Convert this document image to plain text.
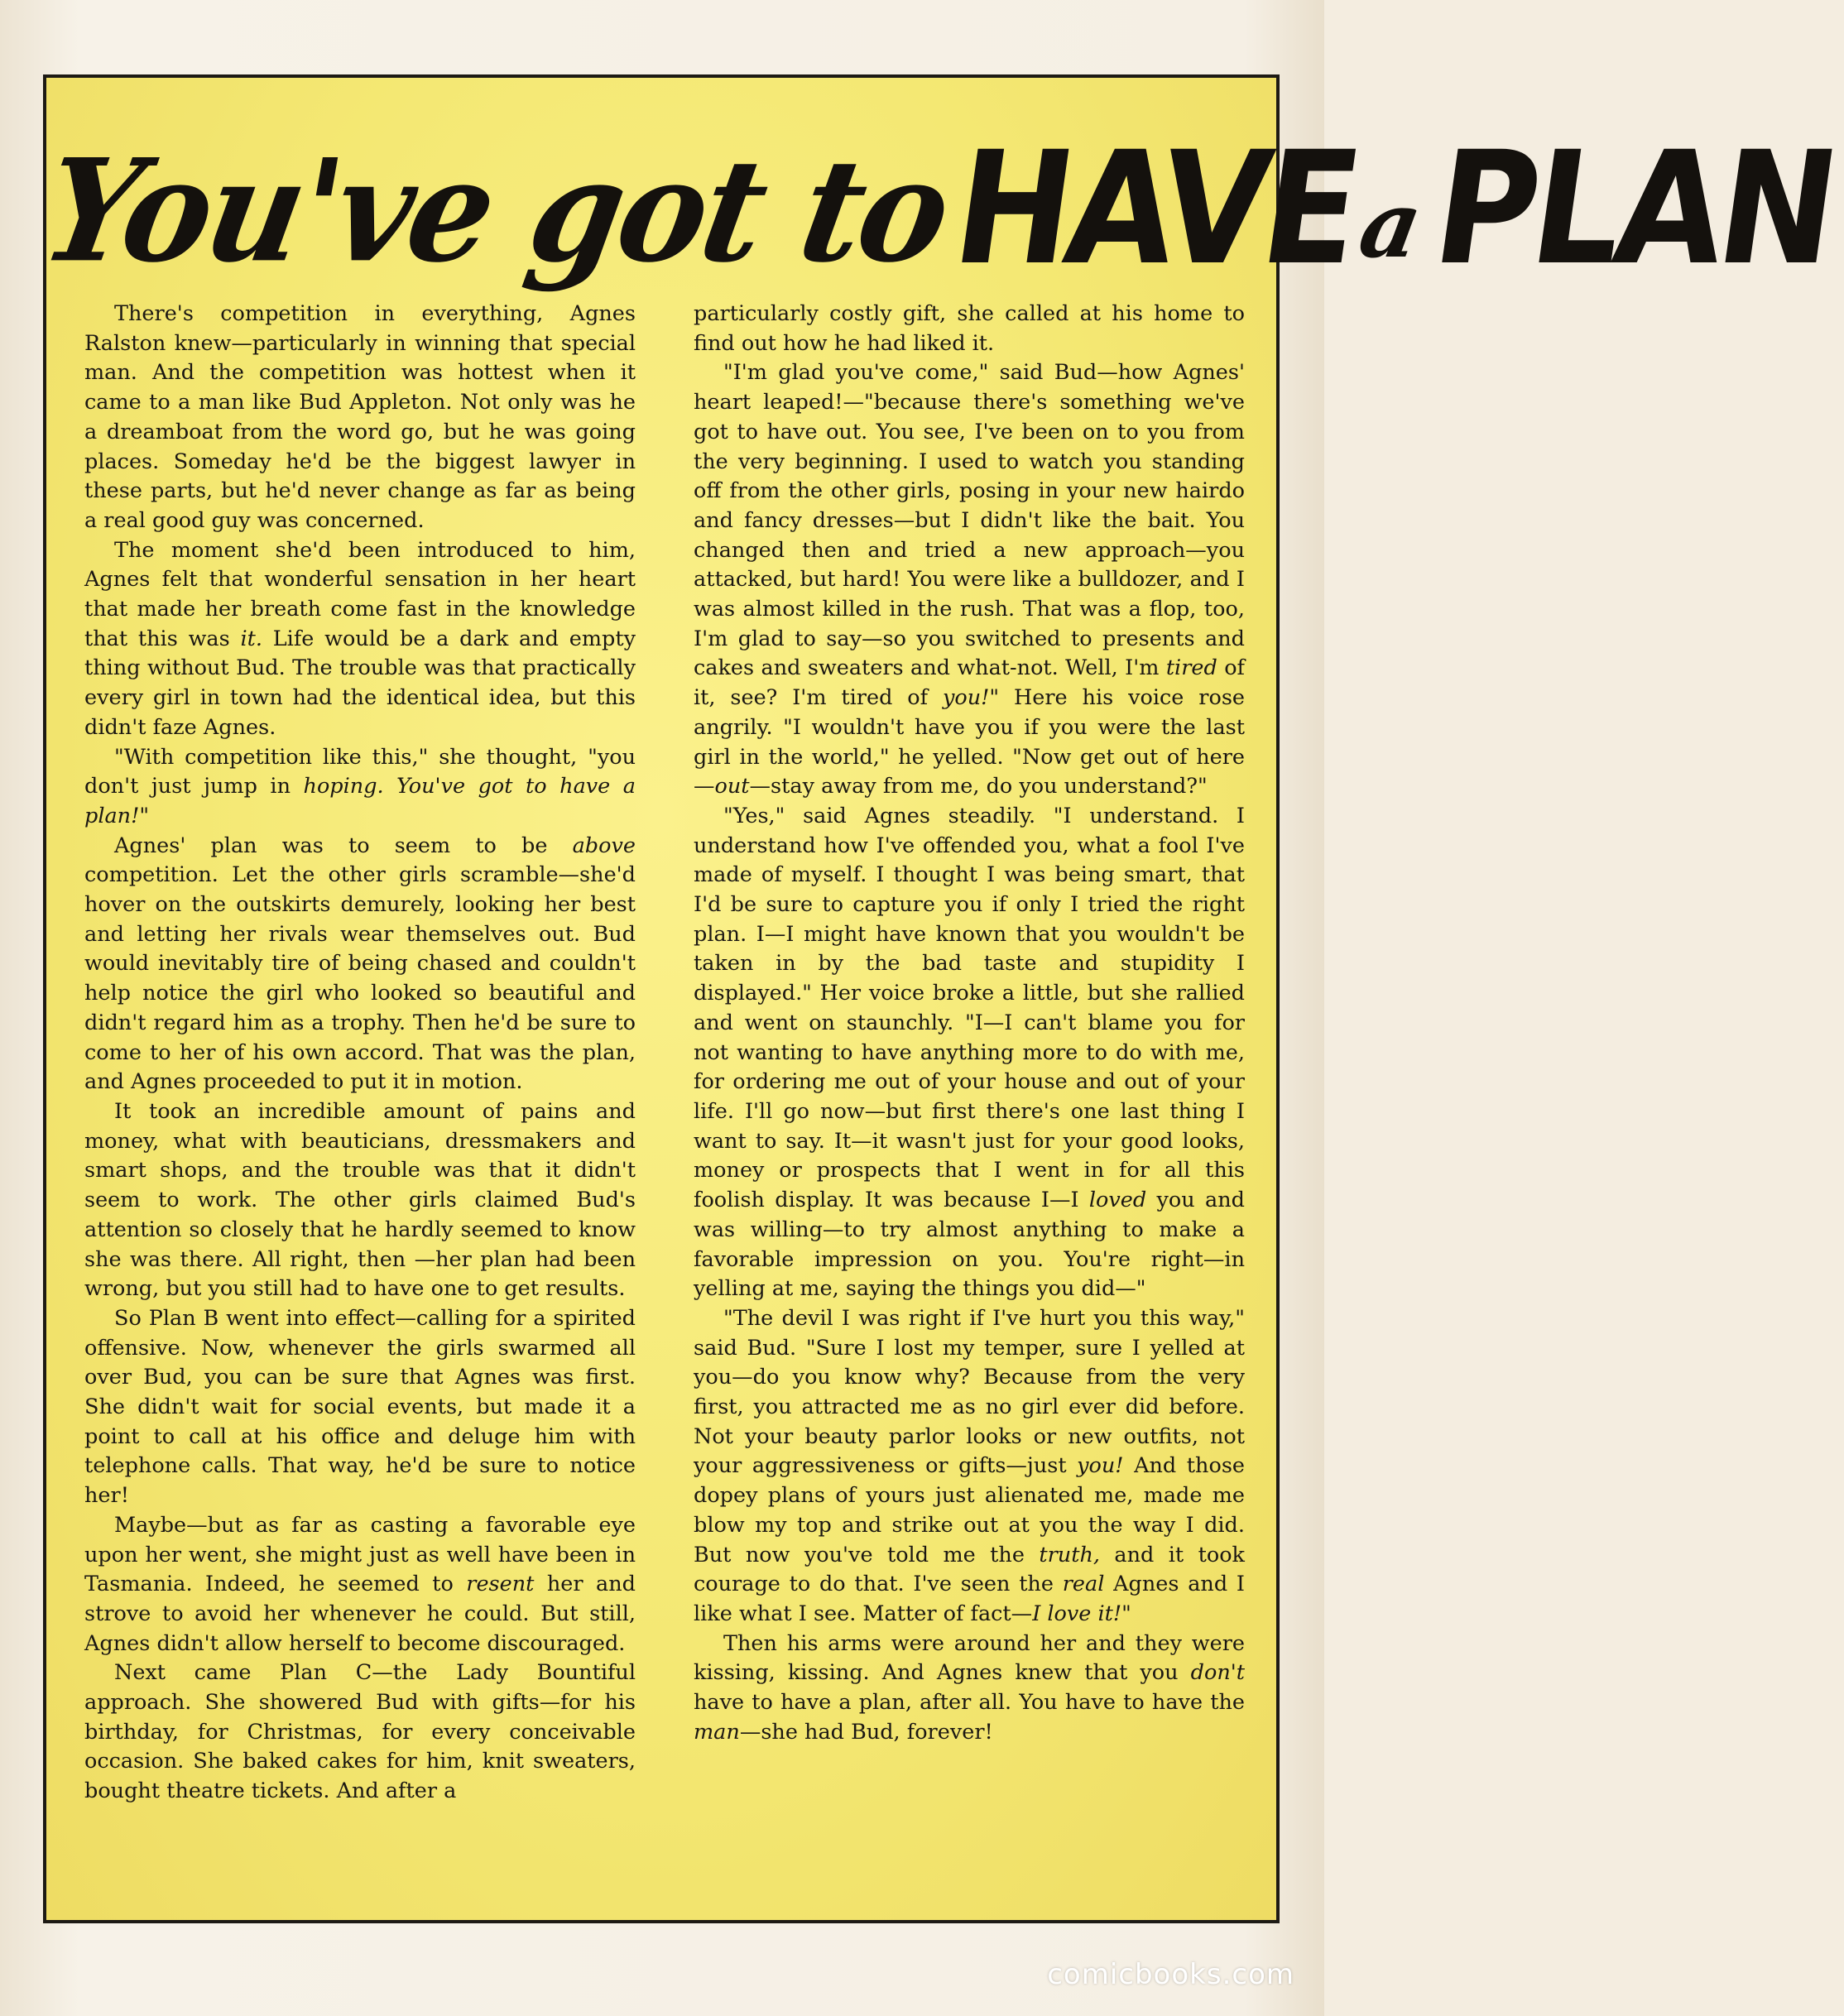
You've got to HAVE a PLAN

There's competition in everything, Agnes Ralston knew—particularly in winning that special man. And the competition was hottest when it came to a man like Bud Appleton. Not only was he a dreamboat from the word go, but he was going places. Someday he'd be the biggest lawyer in these parts, but he'd never change as far as being a real good guy was concerned.

The moment she'd been introduced to him, Agnes felt that wonderful sensation in her heart that made her breath come fast in the knowledge that this was it. Life would be a dark and empty thing without Bud. The trouble was that practically every girl in town had the identical idea, but this didn't faze Agnes.

"With competition like this," she thought, "you don't just jump in hoping. You've got to have a plan!"

Agnes' plan was to seem to be above competition. Let the other girls scramble—she'd hover on the outskirts demurely, looking her best and letting her rivals wear themselves out. Bud would inevitably tire of being chased and couldn't help notice the girl who looked so beautiful and didn't regard him as a trophy. Then he'd be sure to come to her of his own accord. That was the plan, and Agnes proceeded to put it in motion.

It took an incredible amount of pains and money, what with beauticians, dressmakers and smart shops, and the trouble was that it didn't seem to work. The other girls claimed Bud's attention so closely that he hardly seemed to know she was there. All right, then —her plan had been wrong, but you still had to have one to get results.

So Plan B went into effect—calling for a spirited offensive. Now, whenever the girls swarmed all over Bud, you can be sure that Agnes was first. She didn't wait for social events, but made it a point to call at his office and deluge him with telephone calls. That way, he'd be sure to notice her!

Maybe—but as far as casting a favorable eye upon her went, she might just as well have been in Tasmania. Indeed, he seemed to resent her and strove to avoid her whenever he could. But still, Agnes didn't allow herself to become discouraged.

Next came Plan C—the Lady Bountiful approach. She showered Bud with gifts—for his birthday, for Christmas, for every conceivable occasion. She baked cakes for him, knit sweaters, bought theatre tickets. And after a

particularly costly gift, she called at his home to find out how he had liked it.

"I'm glad you've come," said Bud—how Agnes' heart leaped!—"because there's something we've got to have out. You see, I've been on to you from the very beginning. I used to watch you standing off from the other girls, posing in your new hairdo and fancy dresses—but I didn't like the bait. You changed then and tried a new approach—you attacked, but hard! You were like a bulldozer, and I was almost killed in the rush. That was a flop, too, I'm glad to say—so you switched to presents and cakes and sweaters and what-not. Well, I'm tired of it, see? I'm tired of you!" Here his voice rose angrily. "I wouldn't have you if you were the last girl in the world," he yelled. "Now get out of here—out—stay away from me, do you understand?"

"Yes," said Agnes steadily. "I understand. I understand how I've offended you, what a fool I've made of myself. I thought I was being smart, that I'd be sure to capture you if only I tried the right plan. I—I might have known that you wouldn't be taken in by the bad taste and stupidity I displayed." Her voice broke a little, but she rallied and went on staunchly. "I—I can't blame you for not wanting to have anything more to do with me, for ordering me out of your house and out of your life. I'll go now—but first there's one last thing I want to say. It—it wasn't just for your good looks, money or prospects that I went in for all this foolish display. It was because I—I loved you and was willing—to try almost anything to make a favorable impression on you. You're right—in yelling at me, saying the things you did—"

"The devil I was right if I've hurt you this way," said Bud. "Sure I lost my temper, sure I yelled at you—do you know why? Because from the very first, you attracted me as no girl ever did before. Not your beauty parlor looks or new outfits, not your aggressiveness or gifts—just you! And those dopey plans of yours just alienated me, made me blow my top and strike out at you the way I did. But now you've told me the truth, and it took courage to do that. I've seen the real Agnes and I like what I see. Matter of fact—I love it!"

Then his arms were around her and they were kissing, kissing. And Agnes knew that you don't have to have a plan, after all. You have to have the man—she had Bud, forever!

comicbooks.com
